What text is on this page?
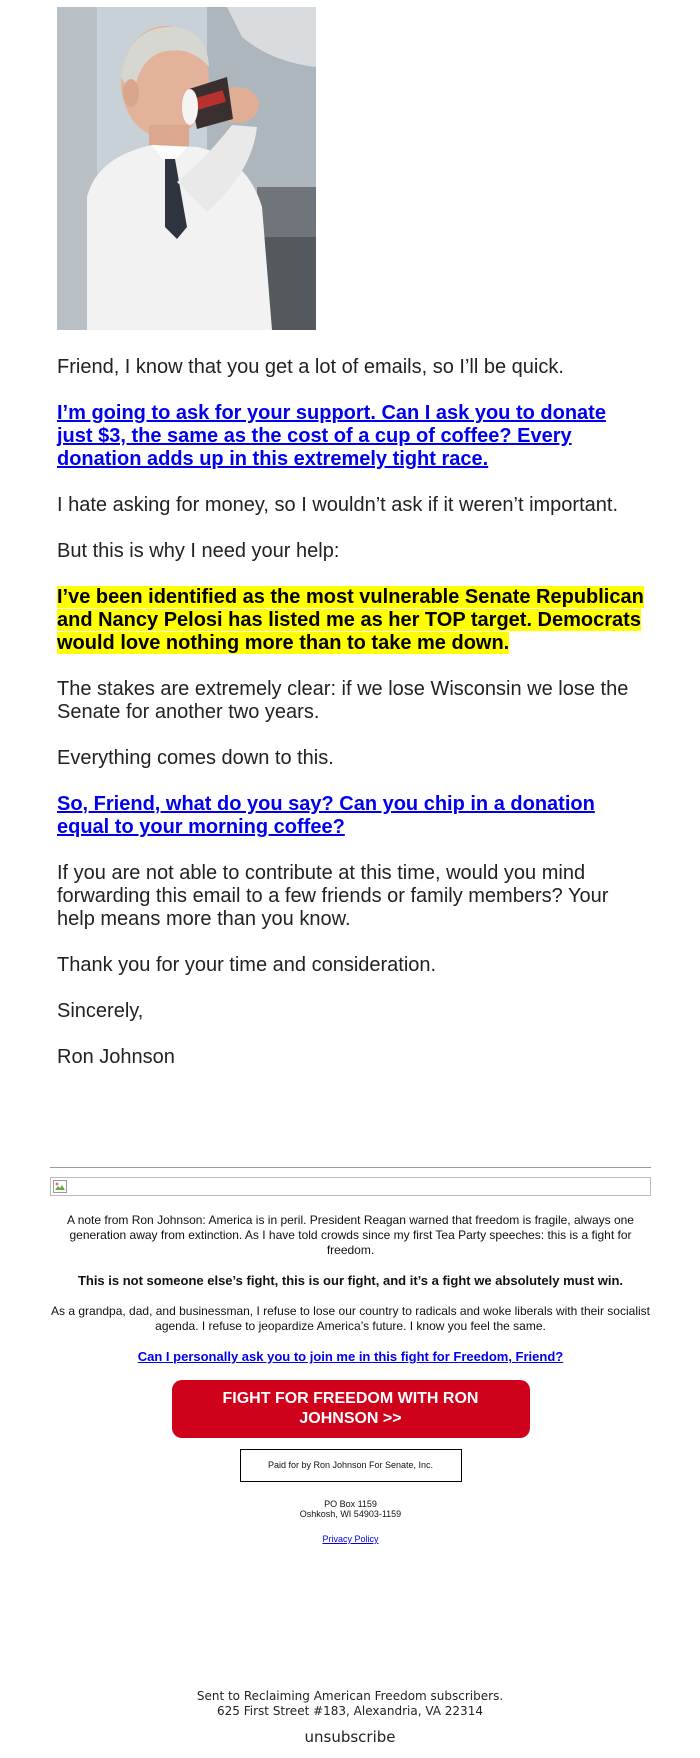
Friend, I know that you get a lot of emails, so I’ll be quick.

I’m going to ask for your support. Can I ask you to donate just $3, the same as the cost of a cup of coffee? Every donation adds up in this extremely tight race.

I hate asking for money, so I wouldn’t ask if it weren’t important.

But this is why I need your help:

I’ve been identified as the most vulnerable Senate Republican and Nancy Pelosi has listed me as her TOP target. Democrats would love nothing more than to take me down.

The stakes are extremely clear: if we lose Wisconsin we lose the Senate for another two years.

Everything comes down to this.

So, Friend, what do you say? Can you chip in a donation equal to your morning coffee?

If you are not able to contribute at this time, would you mind forwarding this email to a few friends or family members? Your help means more than you know.

Thank you for your time and consideration.

Sincerely,

Ron Johnson

A note from Ron Johnson: America is in peril. President Reagan warned that freedom is fragile, always one generation away from extinction. As I have told crowds since my first Tea Party speeches: this is a fight for freedom.

This is not someone else’s fight, this is our fight, and it’s a fight we absolutely must win.

As a grandpa, dad, and businessman, I refuse to lose our country to radicals and woke liberals with their socialist agenda. I refuse to jeopardize America’s future. I know you feel the same.

Can I personally ask you to join me in this fight for Freedom, Friend?
FIGHT FOR FREEDOM WITH RON JOHNSON >>
Paid for by Ron Johnson For Senate, Inc.
PO Box 1159
Oshkosh, WI 54903-1159
Privacy Policy
Sent to Reclaiming American Freedom subscribers.
625 First Street #183, Alexandria, VA 22314
unsubscribe
